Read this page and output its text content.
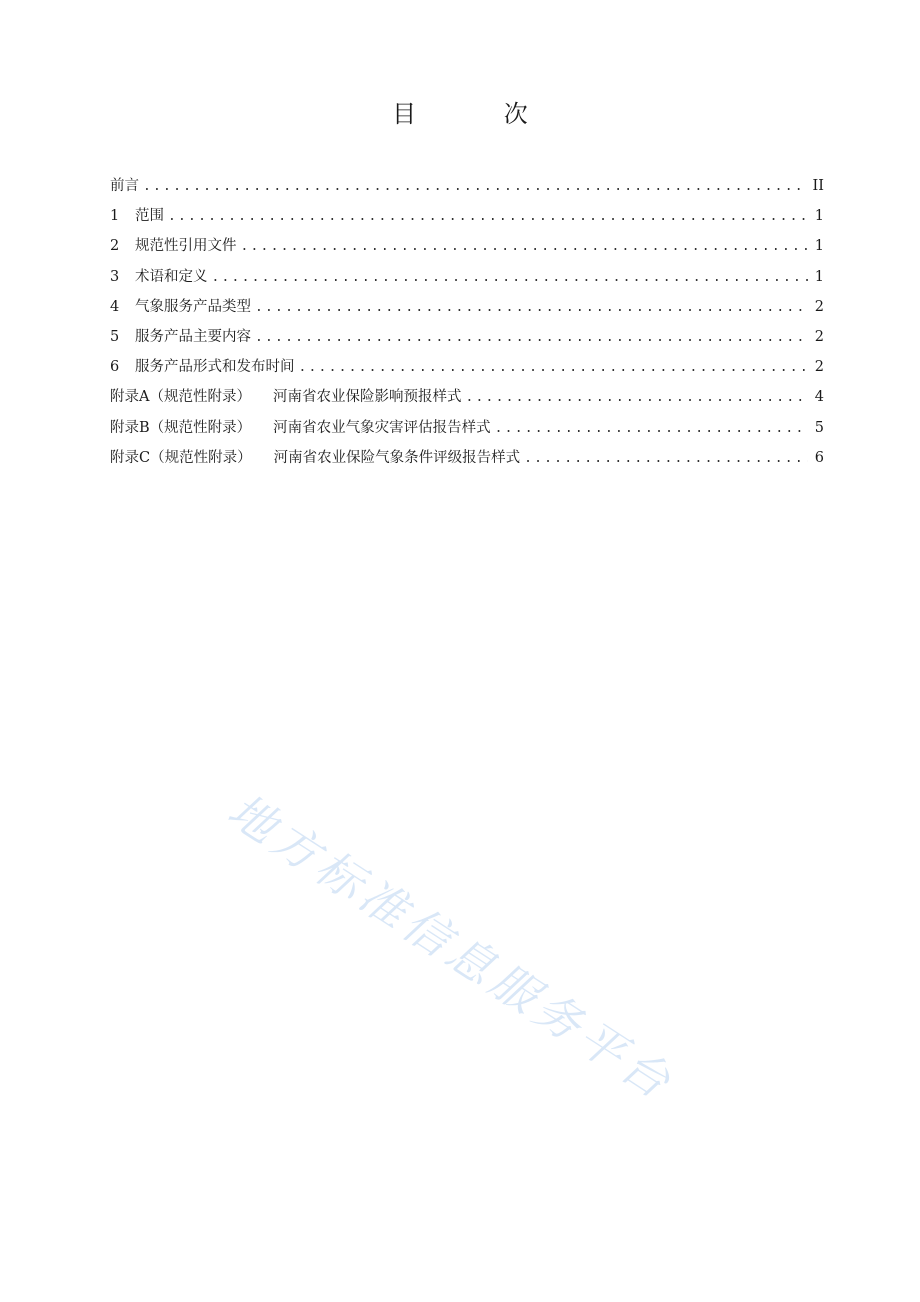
目 次
前言 .....	II
1	范围 .....	1
2	规范性引用文件 .....	1
3	术语和定义 .....	1
4	气象服务产品类型 .....	2
5	服务产品主要内容 .....	2
6	服务产品形式和发布时间 .....	2
附录A（规范性附录） 河南省农业保险影响预报样式 .....	4
附录B（规范性附录） 河南省农业气象灾害评估报告样式 .....	5
附录C（规范性附录） 河南省农业保险气象条件评级报告样式 .....	6
地方标准信息服务平台
